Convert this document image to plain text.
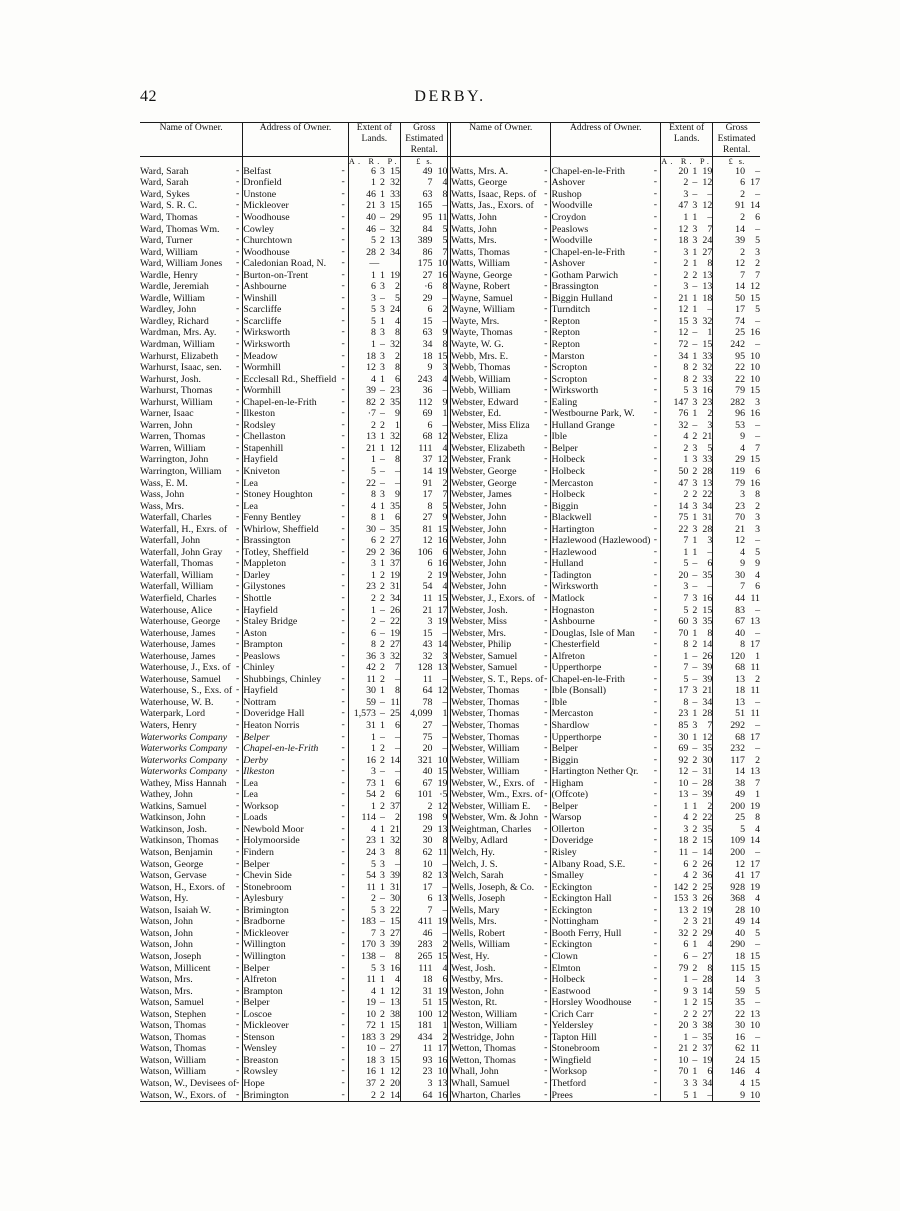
42	DERBY.
Name of Owner.	Address of Owner.	Extent of
Lands.	Gross
Estimated
Rental.		Name of Owner.	Address of Owner.	Extent of
Lands.	Gross
Estimated
Rental.
		A. R. P.	£s.				A. R. P.	£s.
Ward, Sarah -	Belfast -	6 3 15	49 10		Watts, Mrs. A. -	Chapel-en-le-Frith -	20 1 19	10 –
Ward, Sarah -	Dronfield -	1 2 32	7 4		Watts, George -	Ashover -	2 – 12	6 17
Ward, Sykes -	Unstone -	46 1 33	63 8		Watts, Isaac, Reps. of -	Rushop -	3 – –	2 –
Ward, S. R. C. -	Mickleover -	21 3 15	165 –		Watts, Jas., Exors. of -	Woodville -	47 3 12	91 14
Ward, Thomas -	Woodhouse -	40 – 29	95 11		Watts, John -	Croydon -	1 1 –	2 6
Ward, Thomas Wm. -	Cowley -	46 – 32	84 5		Watts, John -	Peaslows -	12 3 7	14 –
Ward, Turner -	Churchtown -	5 2 13	389 5		Watts, Mrs. -	Woodville -	18 3 24	39 5
Ward, William -	Woodhouse -	28 2 34	86 7		Watts, Thomas -	Chapel-en-le-Frith -	3 1 27	2 3
Ward, William Jones -	Caledonian Road, N. -	—	175 10		Watts, William -	Ashover -	2 1 8	12 2
Wardle, Henry -	Burton-on-Trent -	1 1 19	27 16		Wayne, George -	Gotham Parwich -	2 2 13	7 7
Wardle, Jeremiah -	Ashbourne -	6 3 2	·6 8		Wayne, Robert -	Brassington -	3 – 13	14 12
Wardle, William -	Winshill -	3 – 5	29 –		Wayne, Samuel -	Biggin Hulland -	21 1 18	50 15
Wardley, John -	Scarcliffe -	5 3 24	6 2		Wayne, William -	Turnditch -	12 1 –	17 5
Wardley, Richard -	Scarcliffe -	5 1 4	15 –		Wayte, Mrs. -	Repton -	15 3 32	74 –
Wardman, Mrs. Ay. -	Wirksworth -	8 3 8	63 9		Wayte, Thomas -	Repton -	12 – 1	25 16
Wardman, William -	Wirksworth -	1 – 32	34 8		Wayte, W. G. -	Repton -	72 – 15	242 –
Warhurst, Elizabeth -	Meadow -	18 3 2	18 15		Webb, Mrs. E. -	Marston -	34 1 33	95 10
Warhurst, Isaac, sen. -	Wormhill -	12 3 8	9 3		Webb, Thomas -	Scropton -	8 2 32	22 10
Warhurst, Josh. -	Ecclesall Rd., Sheffield -	4 1 6	243 4		Webb, William -	Scropton -	8 2 33	22 10
Warhurst, Thomas -	Wormhill -	39 – 23	36 –		Webb, William -	Wirksworth -	5 3 16	79 15
Warhurst, William -	Chapel-en-le-Frith -	82 2 35	112 9		Webster, Edward -	Ealing -	147 3 23	282 3
Warner, Isaac -	Ilkeston -	·7 – 9	69 1		Webster, Ed. -	Westbourne Park, W. -	76 1 2	96 16
Warren, John -	Rodsley -	2 2 1	6 –		Webster, Miss Eliza -	Hulland Grange -	32 – 3	53 –
Warren, Thomas -	Chellaston -	13 1 32	68 12		Webster, Eliza -	Ible -	4 2 21	9 –
Warren, William -	Stapenhill -	21 1 12	111 4		Webster, Elizabeth -	Belper -	2 3 5	4 7
Warrington, John -	Hayfield -	1 – 8	37 12		Webster, Frank -	Holbeck -	1 3 33	29 15
Warrington, William -	Kniveton -	5 – –	14 19		Webster, George -	Holbeck -	50 2 28	119 6
Wass, E. M. -	Lea -	22 – –	91 2		Webster, George -	Mercaston -	47 3 13	79 16
Wass, John -	Stoney Houghton -	8 3 9	17 7		Webster, James -	Holbeck -	2 2 22	3 8
Wass, Mrs. -	Lea -	4 1 35	8 5		Webster, John -	Biggin -	14 3 34	23 2
Waterfall, Charles -	Fenny Bentley -	8 1 6	27 9		Webster, John -	Blackwell -	75 1 31	70 3
Waterfall, H., Exrs. of -	Whirlow, Sheffield -	30 – 35	81 15		Webster, John -	Hartington -	22 3 28	21 3
Waterfall, John -	Brassington -	6 2 27	12 16		Webster, John -	Hazlewood (Hazlewood) -	7 1 3	12 –
Waterfall, John Gray -	Totley, Sheffield -	29 2 36	106 6		Webster, John -	Hazlewood -	1 1 –	4 5
Waterfall, Thomas -	Mappleton -	3 1 37	6 16		Webster, John -	Hulland -	5 – 6	9 9
Waterfall, William -	Darley -	1 2 19	2 19		Webster, John -	Tadington -	20 – 35	30 4
Waterfall, William -	Gilystones -	23 2 31	54 4		Webster, John -	Wirksworth -	3 – –	7 6
Waterfield, Charles -	Shottle -	2 2 34	11 15		Webster, J., Exors. of -	Matlock -	7 3 16	44 11
Waterhouse, Alice -	Hayfield -	1 – 26	21 17		Webster, Josh. -	Hognaston -	5 2 15	83 –
Waterhouse, George -	Staley Bridge -	2 – 22	3 19		Webster, Miss -	Ashbourne -	60 3 35	67 13
Waterhouse, James -	Aston -	6 – 19	15 –		Webster, Mrs. -	Douglas, Isle of Man -	70 1 8	40 –
Waterhouse, James -	Brampton -	8 2 27	43 14		Webster, Philip -	Chesterfield -	8 2 14	8 17
Waterhouse, James -	Peaslows -	36 3 32	32 3		Webster, Samuel -	Alfreton -	1 – 26	120 1
Waterhouse, J., Exs. of -	Chinley -	42 2 7	128 13		Webster, Samuel -	Upperthorpe -	7 – 39	68 11
Waterhouse, Samuel -	Shubbings, Chinley -	11 2 –	11 –		Webster, S. T., Reps. of -	Chapel-en-le-Frith -	5 – 39	13 2
Waterhouse, S., Exs. of -	Hayfield -	30 1 8	64 12		Webster, Thomas -	Ible (Bonsall) -	17 3 21	18 11
Waterhouse, W. B. -	Nottram -	59 – 11	78 –		Webster, Thomas -	Ible -	8 – 34	13 –
Waterpark, Lord -	Doveridge Hall -	1,573 – 25	4,099 1		Webster, Thomas -	Mercaston -	23 1 28	51 11
Waters, Henry -	Heaton Norris -	31 1 6	27 –		Webster, Thomas -	Shardlow -	85 3 7	292 –
Waterworks Company -	Belper -	1 – –	75 –		Webster, Thomas -	Upperthorpe -	30 1 12	68 17
Waterworks Company -	Chapel-en-le-Frith -	1 2 –	20 –		Webster, William -	Belper -	69 – 35	232 –
Waterworks Company -	Derby -	16 2 14	321 10		Webster, William -	Biggin -	92 2 30	117 2
Waterworks Company -	Ilkeston -	3 – –	40 15		Webster, William -	Hartington Nether Qr. -	12 – 31	14 13
Wathey, Miss Hannah -	Lea -	73 1 6	67 19		Webster, W., Exrs. of -	Higham -	10 – 28	38 7
Wathey, John -	Lea -	54 2 6	101 ·5		Webster, Wm., Exrs. of -	(Offcote) -	13 – 39	49 1
Watkins, Samuel -	Worksop -	1 2 37	2 12		Webster, William E. -	Belper -	1 1 2	200 19
Watkinson, John -	Loads -	114 – 2	198 9		Webster, Wm. & John -	Warsop -	4 2 22	25 8
Watkinson, Josh. -	Newbold Moor -	4 1 21	29 13		Weightman, Charles -	Ollerton -	3 2 35	5 4
Watkinson, Thomas -	Holymoorside -	23 1 32	30 8		Welby, Adlard -	Doveridge -	18 2 15	109 14
Watson, Benjamin -	Findern -	24 3 8	62 11		Welch, Hy. -	Risley -	11 – 14	200 –
Watson, George -	Belper -	5 3 –	10 –		Welch, J. S. -	Albany Road, S.E. -	6 2 26	12 17
Watson, Gervase -	Chevin Side -	54 3 39	82 13		Welch, Sarah -	Smalley -	4 2 36	41 17
Watson, H., Exors. of -	Stonebroom -	11 1 31	17 –		Wells, Joseph, & Co. -	Eckington -	142 2 25	928 19
Watson, Hy. -	Aylesbury -	2 – 30	6 13		Wells, Joseph -	Eckington Hall -	153 3 26	368 4
Watson, Isaiah W. -	Brimington -	5 3 22	7 –		Wells, Mary -	Eckington -	13 2 19	28 10
Watson, John -	Bradborne -	183 – 15	411 19		Wells, Mrs. -	Nottingham -	2 3 21	49 14
Watson, John -	Mickleover -	7 3 27	46 –		Wells, Robert -	Booth Ferry, Hull -	32 2 29	40 5
Watson, John -	Willington -	170 3 39	283 2		Wells, William -	Eckington -	6 1 4	290 –
Watson, Joseph -	Willington -	138 – 8	265 15		West, Hy. -	Clown -	6 – 27	18 15
Watson, Millicent -	Belper -	5 3 16	111 4		West, Josh. -	Elmton -	79 2 8	115 15
Watson, Mrs. -	Alfreton -	11 1 4	18 6		Westby, Mrs. -	Holbeck -	1 – 28	14 3
Watson, Mrs. -	Brampton -	4 1 12	31 19		Weston, John -	Eastwood -	9 3 14	59 5
Watson, Samuel -	Belper -	19 – 13	51 15		Weston, Rt. -	Horsley Woodhouse -	1 2 15	35 –
Watson, Stephen -	Loscoe -	10 2 38	100 12		Weston, William -	Crich Carr -	2 2 27	22 13
Watson, Thomas -	Mickleover -	72 1 15	181 1		Weston, William -	Yeldersley -	20 3 38	30 10
Watson, Thomas -	Stenson -	183 3 29	434 2		Westridge, John -	Tapton Hill -	1 – 35	16 –
Watson, Thomas -	Wensley -	10 – 27	11 17		Wetton, Thomas -	Stonebroom -	21 2 37	62 11
Watson, William -	Breaston -	18 3 15	93 16		Wetton, Thomas -	Wingfield -	10 – 19	24 15
Watson, William -	Rowsley -	16 1 12	23 10		Whall, John -	Worksop -	70 1 6	146 4
Watson, W., Devisees of -	Hope -	37 2 20	3 13		Whall, Samuel -	Thetford -	3 3 34	4 15
Watson, W., Exors. of -	Brimington -	2 2 14	64 16		Wharton, Charles -	Prees -	5 1 –	9 10
